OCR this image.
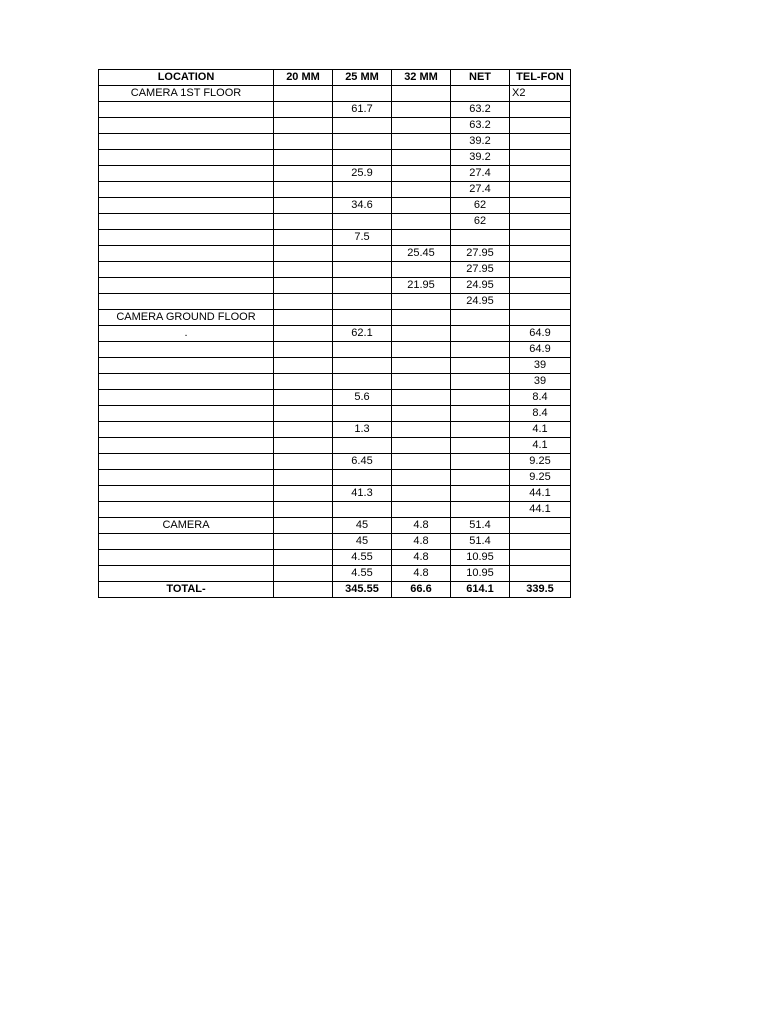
LOCATION	20 MM	25 MM	32 MM	NET	TEL-FON
CAMERA 1ST FLOOR					X2
		61.7		63.2	
				63.2	
				39.2	
				39.2	
		25.9		27.4	
				27.4	
		34.6		62	
				62	
		7.5			
			25.45	27.95	
				27.95	
			21.95	24.95	
				24.95	
CAMERA GROUND FLOOR					
.		62.1			64.9
					64.9
					39
					39
		5.6			8.4
					8.4
		1.3			4.1
					4.1
		6.45			9.25
					9.25
		41.3			44.1
					44.1
CAMERA		45	4.8	51.4	
		45	4.8	51.4	
		4.55	4.8	10.95	
		4.55	4.8	10.95	
TOTAL-		345.55	66.6	614.1	339.5
